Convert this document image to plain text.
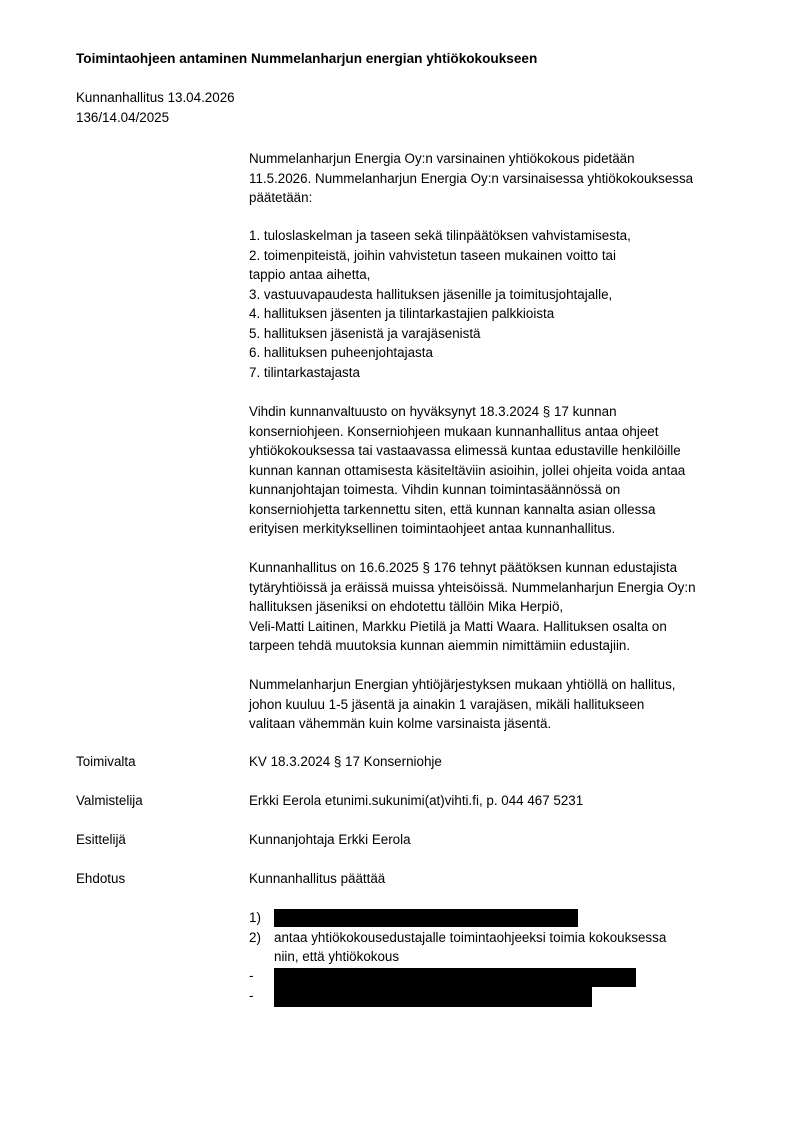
Toimintaohjeen antaminen Nummelanharjun energian yhtiökokoukseen
Kunnanhallitus 13.04.2026
136/14.04/2025
Nummelanharjun Energia Oy:n varsinainen yhtiökokous pidetään
11.5.2026. Nummelanharjun Energia Oy:n varsinaisessa yhtiökokouksessa
päätetään:
1. tuloslaskelman ja taseen sekä tilinpäätöksen vahvistamisesta,
2. toimenpiteistä, joihin vahvistetun taseen mukainen voitto tai
tappio antaa aihetta,
3. vastuuvapaudesta hallituksen jäsenille ja toimitusjohtajalle,
4. hallituksen jäsenten ja tilintarkastajien palkkioista
5. hallituksen jäsenistä ja varajäsenistä
6. hallituksen puheenjohtajasta
7. tilintarkastajasta
Vihdin kunnanvaltuusto on hyväksynyt 18.3.2024 § 17 kunnan
konserniohjeen. Konserniohjeen mukaan kunnanhallitus antaa ohjeet
yhtiökokouksessa tai vastaavassa elimessä kuntaa edustaville henkilöille
kunnan kannan ottamisesta käsiteltäviin asioihin, jollei ohjeita voida antaa
kunnanjohtajan toimesta. Vihdin kunnan toimintasäännössä on
konserniohjetta tarkennettu siten, että kunnan kannalta asian ollessa
erityisen merkityksellinen toimintaohjeet antaa kunnanhallitus.
Kunnanhallitus on 16.6.2025 § 176 tehnyt päätöksen kunnan edustajista
tytäryhtiöissä ja eräissä muissa yhteisöissä. Nummelanharjun Energia Oy:n
hallituksen jäseniksi on ehdotettu tällöin Mika Herpiö,
Veli-Matti Laitinen, Markku Pietilä ja Matti Waara. Hallituksen osalta on
tarpeen tehdä muutoksia kunnan aiemmin nimittämiin edustajiin.
Nummelanharjun Energian yhtiöjärjestyksen mukaan yhtiöllä on hallitus,
johon kuuluu 1-5 jäsentä ja ainakin 1 varajäsen, mikäli hallitukseen
valitaan vähemmän kuin kolme varsinaista jäsentä.
Toimivalta	KV 18.3.2024 § 17 Konserniohje
Valmistelija	Erkki Eerola etunimi.sukunimi(at)vihti.fi, p. 044 467 5231
Esittelijä	Kunnanjohtaja Erkki Eerola
Ehdotus	Kunnanhallitus päättää
1)
2) antaa yhtiökokousedustajalle toimintaohjeeksi toimia kokouksessa
niin, että yhtiökokous
-
-
